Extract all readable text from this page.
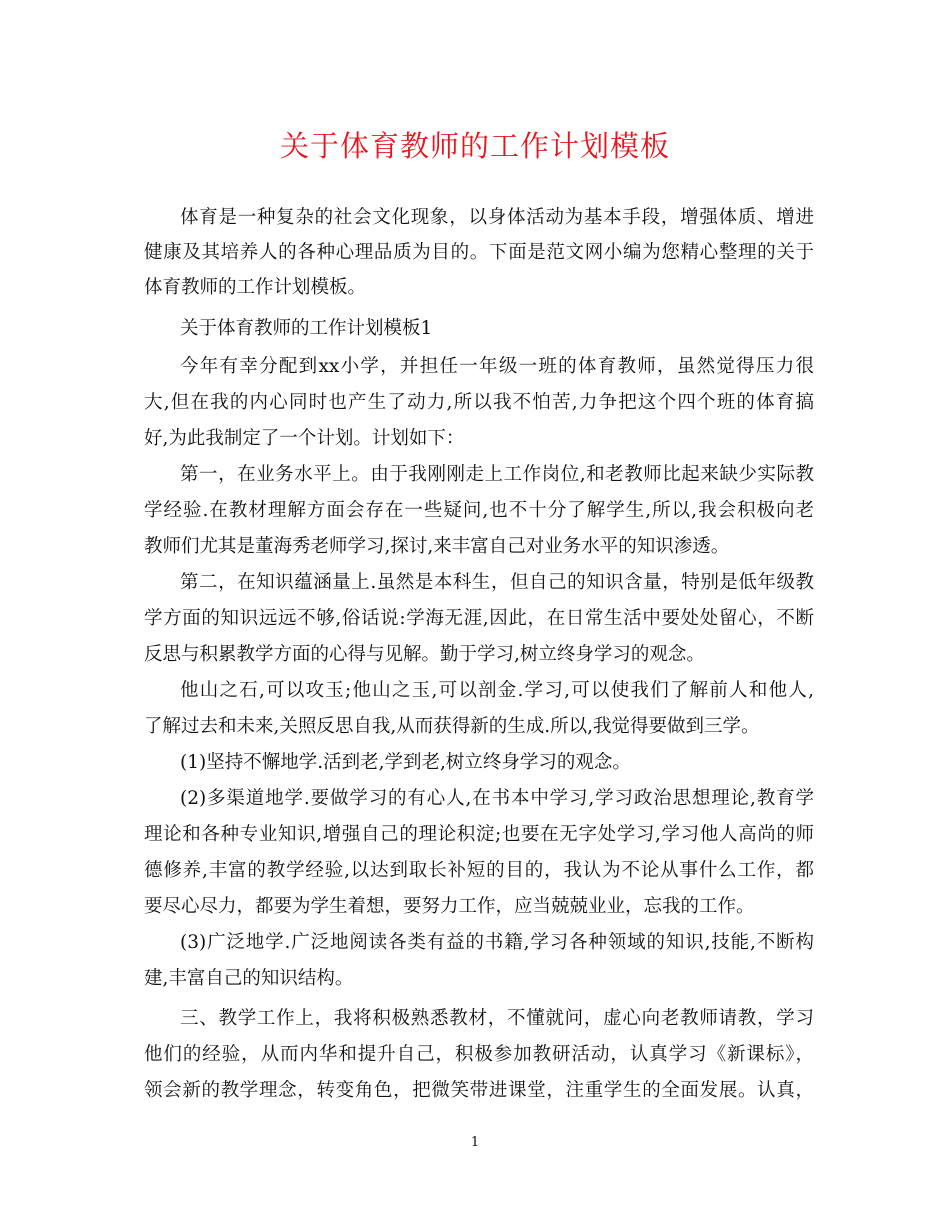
关于体育教师的工作计划模板
体育是一种复杂的社会文化现象，以身体活动为基本手段，增强体质、增进
健康及其培养人的各种心理品质为目的。下面是范文网小编为您精心整理的关于
体育教师的工作计划模板。
关于体育教师的工作计划模板1
今年有幸分配到xx小学，并担任一年级一班的体育教师，虽然觉得压力很
大,但在我的内心同时也产生了动力,所以我不怕苦,力争把这个四个班的体育搞
好,为此我制定了一个计划。计划如下：
第一，在业务水平上。由于我刚刚走上工作岗位,和老教师比起来缺少实际教
学经验.在教材理解方面会存在一些疑问,也不十分了解学生,所以,我会积极向老
教师们尤其是董海秀老师学习,探讨,来丰富自己对业务水平的知识渗透。
第二，在知识蕴涵量上.虽然是本科生，但自己的知识含量，特别是低年级教
学方面的知识远远不够,俗话说:学海无涯,因此，在日常生活中要处处留心，不断
反思与积累教学方面的心得与见解。勤于学习,树立终身学习的观念。
他山之石,可以攻玉;他山之玉,可以剖金.学习,可以使我们了解前人和他人,
了解过去和未来,关照反思自我,从而获得新的生成.所以,我觉得要做到三学。
(1)坚持不懈地学.活到老,学到老,树立终身学习的观念。
(2)多渠道地学.要做学习的有心人,在书本中学习,学习政治思想理论,教育学
理论和各种专业知识,增强自己的理论积淀;也要在无字处学习,学习他人高尚的师
德修养,丰富的教学经验,以达到取长补短的目的，我认为不论从事什么工作，都
要尽心尽力，都要为学生着想，要努力工作，应当兢兢业业，忘我的工作。
(3)广泛地学.广泛地阅读各类有益的书籍,学习各种领域的知识,技能,不断构
建,丰富自己的知识结构。
三、教学工作上，我将积极熟悉教材，不懂就问，虚心向老教师请教，学习
他们的经验，从而内华和提升自己，积极参加教研活动，认真学习《新课标》，
领会新的教学理念，转变角色，把微笑带进课堂，注重学生的全面发展。认真，
1
